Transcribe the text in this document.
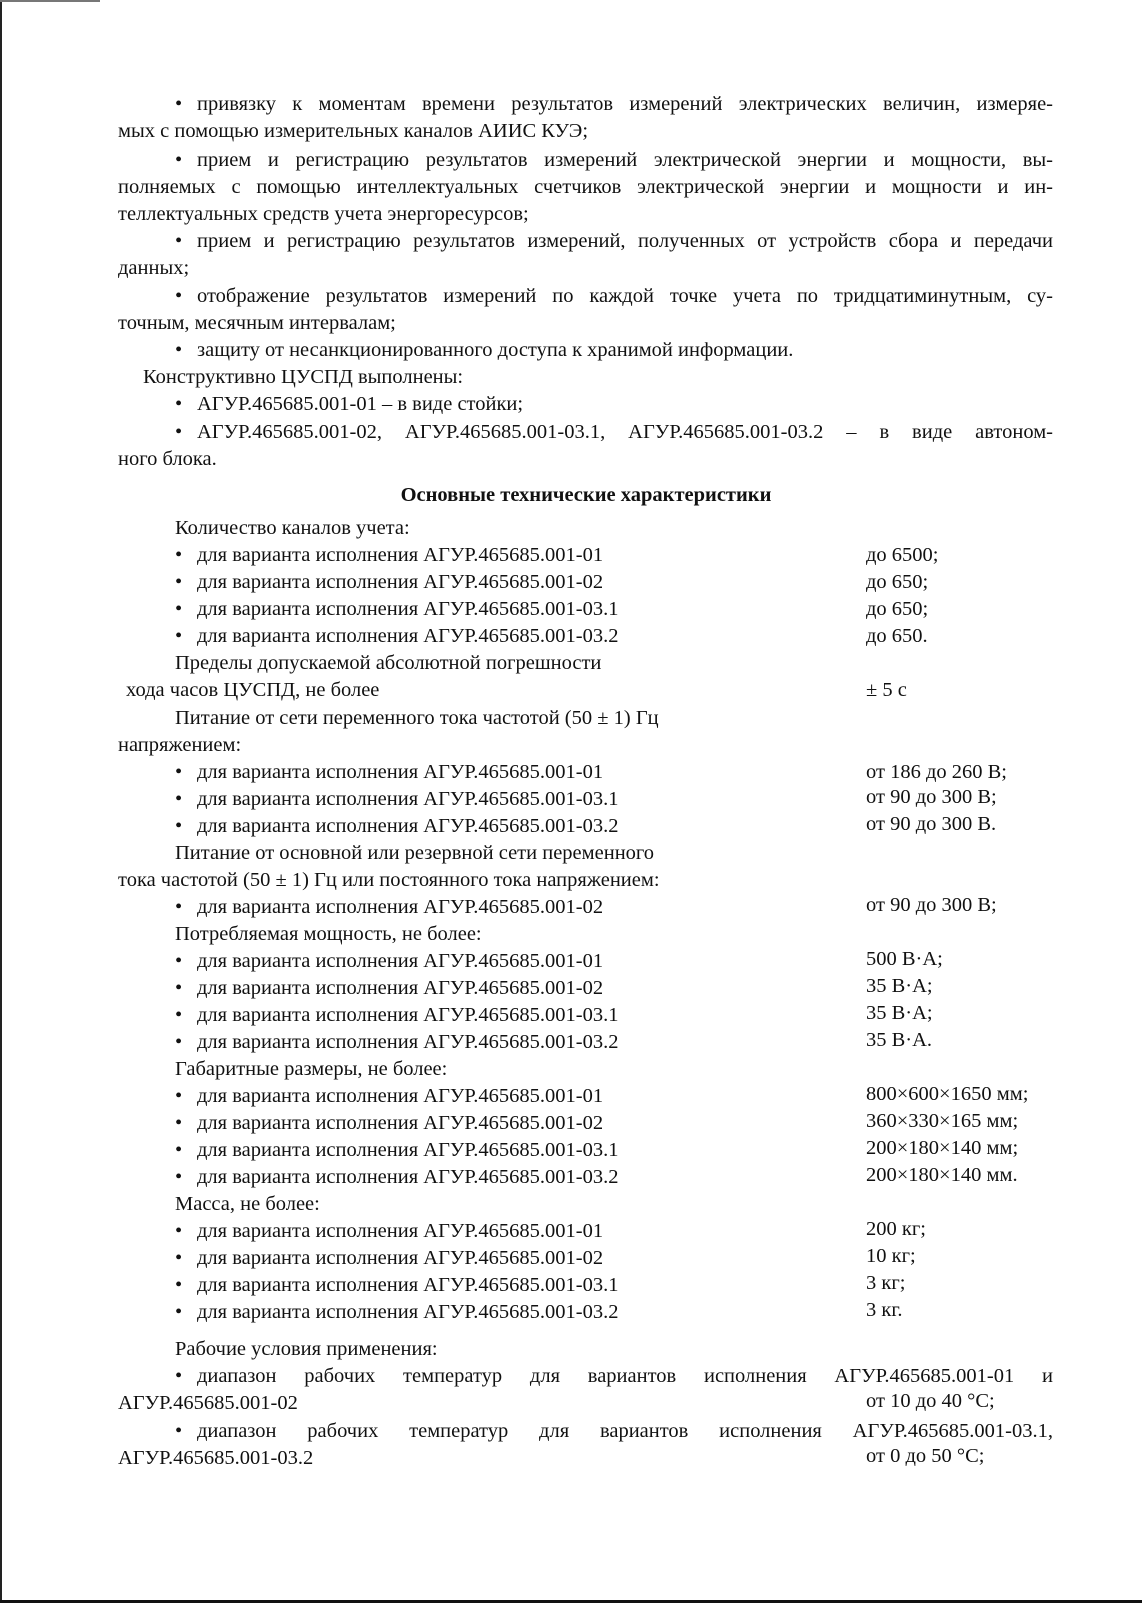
•привязку к моментам времени результатов измерений электрических величин, измеряе-
мых с помощью измерительных каналов АИИС КУЭ;
•прием и регистрацию результатов измерений электрической энергии и мощности, вы-
полняемых с помощью интеллектуальных счетчиков электрической энергии и мощности и ин-
теллектуальных средств учета энергоресурсов;
•прием и регистрацию результатов измерений, полученных от устройств сбора и передачи
данных;
•отображение результатов измерений по каждой точке учета по тридцатиминутным, су-
точным, месячным интервалам;
•защиту от несанкционированного доступа к хранимой информации.
Конструктивно ЦУСПД выполнены:
•АГУР.465685.001-01 – в виде стойки;
•АГУР.465685.001-02, АГУР.465685.001-03.1, АГУР.465685.001-03.2 – в виде автоном-
ного блока.
Основные технические характеристики
Количество каналов учета:
•для варианта исполнения АГУР.465685.001-01	до 6500;
•для варианта исполнения АГУР.465685.001-02	до 650;
•для варианта исполнения АГУР.465685.001-03.1	до 650;
•для варианта исполнения АГУР.465685.001-03.2	до 650.
Пределы допускаемой абсолютной погрешности
хода часов ЦУСПД, не более	± 5 с
Питание от сети переменного тока частотой (50 ± 1) Гц
напряжением:
•для варианта исполнения АГУР.465685.001-01	от 186 до 260 В;
•для варианта исполнения АГУР.465685.001-03.1	от 90 до 300 В;
•для варианта исполнения АГУР.465685.001-03.2	от 90 до 300 В.
Питание от основной или резервной сети переменного
тока частотой (50 ± 1) Гц или постоянного тока напряжением:
•для варианта исполнения АГУР.465685.001-02	от 90 до 300 В;
Потребляемая мощность, не более:
•для варианта исполнения АГУР.465685.001-01	500 В·А;
•для варианта исполнения АГУР.465685.001-02	35 В·А;
•для варианта исполнения АГУР.465685.001-03.1	35 В·А;
•для варианта исполнения АГУР.465685.001-03.2	35 В·А.
Габаритные размеры, не более:
•для варианта исполнения АГУР.465685.001-01	800×600×1650 мм;
•для варианта исполнения АГУР.465685.001-02	360×330×165 мм;
•для варианта исполнения АГУР.465685.001-03.1	200×180×140 мм;
•для варианта исполнения АГУР.465685.001-03.2	200×180×140 мм.
Масса, не более:
•для варианта исполнения АГУР.465685.001-01	200 кг;
•для варианта исполнения АГУР.465685.001-02	10 кг;
•для варианта исполнения АГУР.465685.001-03.1	3 кг;
•для варианта исполнения АГУР.465685.001-03.2	3 кг.
Рабочие условия применения:
•диапазон рабочих температур для вариантов исполнения АГУР.465685.001-01 и
АГУР.465685.001-02	от 10 до 40 °С;
•диапазон рабочих температур для вариантов исполнения АГУР.465685.001-03.1,
АГУР.465685.001-03.2	от 0 до 50 °С;
